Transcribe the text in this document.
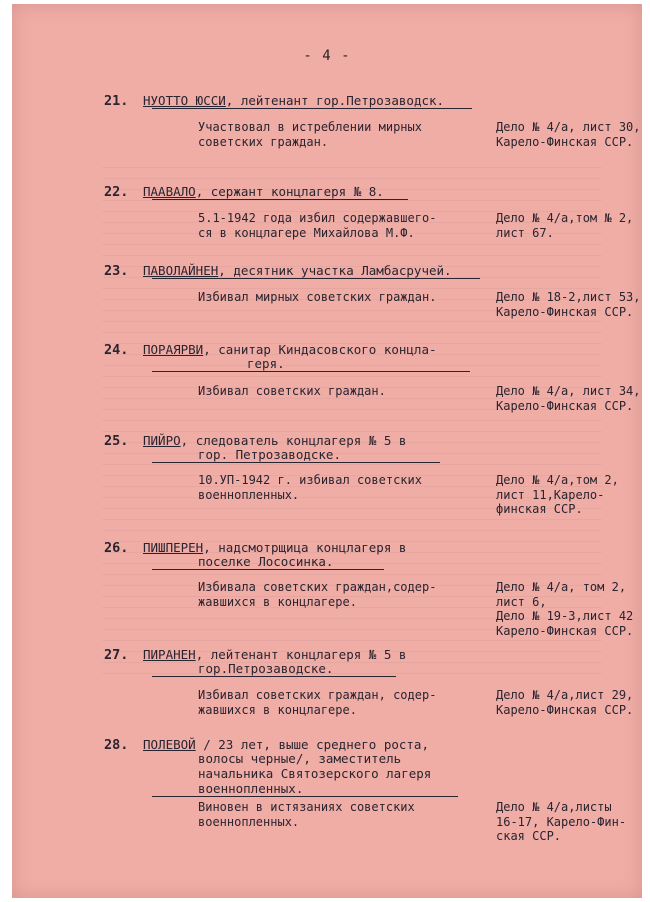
- 4 -
21. НУОТТО ЮССИ, лейтенант гор.Петрозаводск.
Участвовал в истреблении мирных
советских граждан.
Дело № 4/а, лист 30,
Карело-Финская ССР.
22. ПААВАЛО, сержант концлагеря № 8.
5.1-1942 года избил содержавшего-
ся в концлагере Михайлова М.Ф.
Дело № 4/а,том № 2,
лист 67.
23. ПАВОЛАЙНЕН, десятник участка Ламбасручей.
Избивал мирных советских граждан.	Дело № 18-2,лист 53,
Карело-Финская ССР.
24. ПОРАЯРВИ, санитар Киндасовского концла-
геря.
Избивал советских граждан.	Дело № 4/а, лист 34,
Карело-Финская ССР.
25. ПИЙРО, следователь концлагеря № 5 в
гор. Петрозаводске.
10.УП-1942 г. избивал советских
военнопленных.
Дело № 4/а,том 2,
лист 11,Карело-
финская ССР.
26. ПИШПЕРЕН, надсмотрщица концлагеря в
поселке Лососинка.
Избивала советских граждан,содер-
жавшихся в концлагере.
Дело № 4/а, том 2,
лист 6,
Дело № 19-3,лист 42
Карело-Финская ССР.
27. ПИРАНЕН, лейтенант концлагеря № 5 в
гор.Петрозаводске.
Избивал советских граждан, содер-
жавшихся в концлагере.
Дело № 4/а,лист 29,
Карело-Финская ССР.
28. ПОЛЕВОЙ / 23 лет, выше среднего роста,
волосы черные/, заместитель
начальника Святозерского лагеря
военнопленных.
Виновен в истязаниях советских
военнопленных.
Дело № 4/а,листы
16-17, Карело-Фин-
ская ССР.
